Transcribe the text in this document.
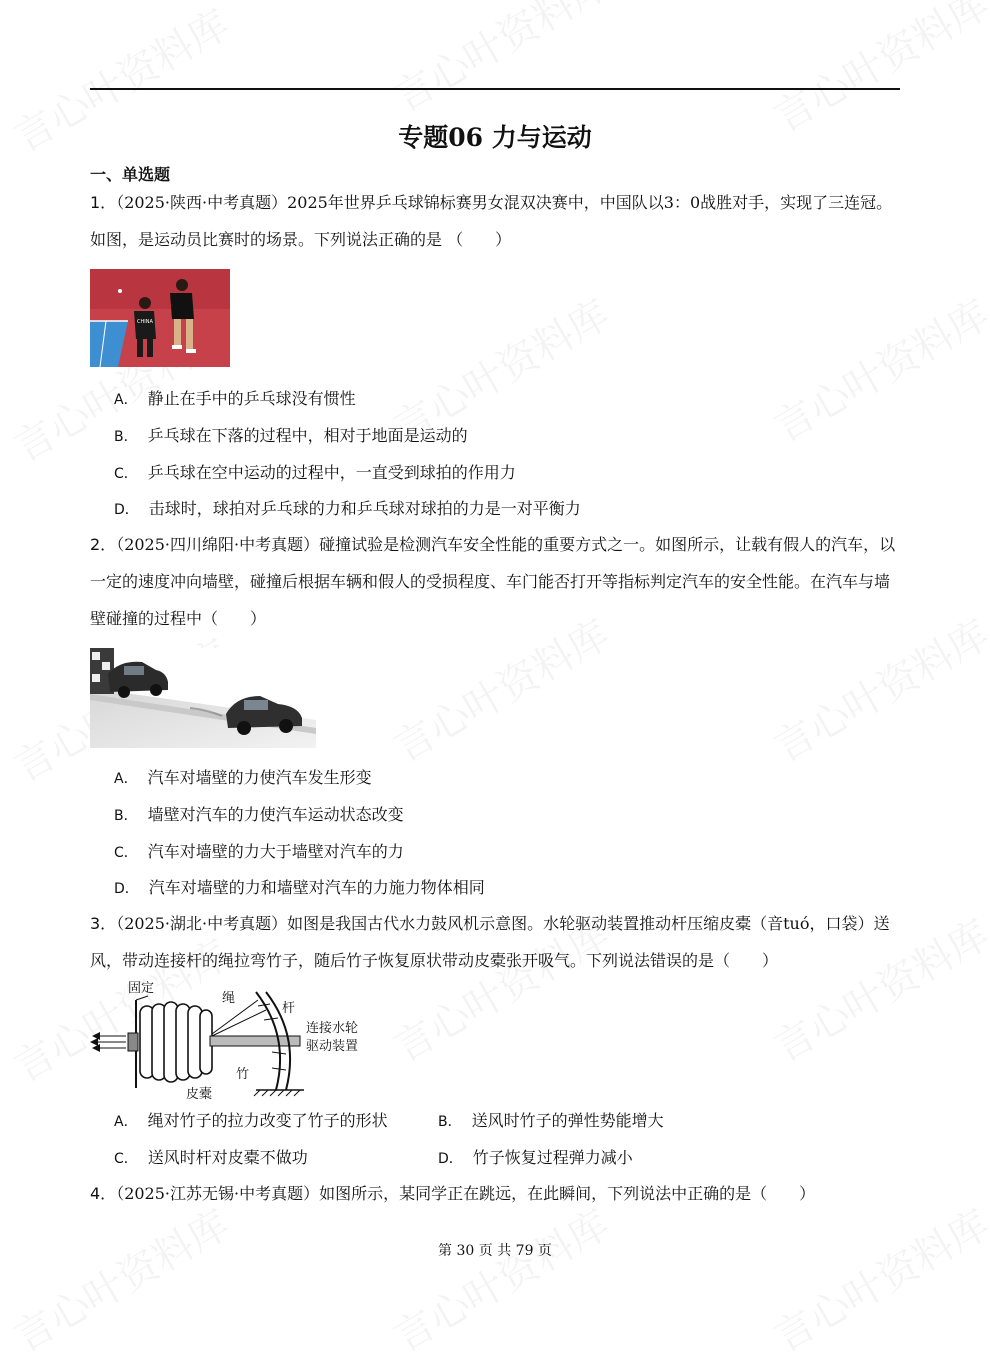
专题06 力与运动
一、单选题
1．（2025·陕西·中考真题）2025年世界乒乓球锦标赛男女混双决赛中，中国队以3：0战胜对手，实现了三连冠。如图，是运动员比赛时的场景。下列说法正确的是 （　　）
CHINA
A． 静止在手中的乒乓球没有惯性
B． 乒乓球在下落的过程中，相对于地面是运动的
C． 乒乓球在空中运动的过程中，一直受到球拍的作用力
D． 击球时，球拍对乒乓球的力和乒乓球对球拍的力是一对平衡力
2．（2025·四川绵阳·中考真题）碰撞试验是检测汽车安全性能的重要方式之一。如图所示，让载有假人的汽车，以一定的速度冲向墙壁，碰撞后根据车辆和假人的受损程度、车门能否打开等指标判定汽车的安全性能。在汽车与墙壁碰撞的过程中（　　）
A． 汽车对墙壁的力使汽车发生形变
B． 墙壁对汽车的力使汽车运动状态改变
C． 汽车对墙壁的力大于墙壁对汽车的力
D． 汽车对墙壁的力和墙壁对汽车的力施力物体相同
3．（2025·湖北·中考真题）如图是我国古代水力鼓风机示意图。水轮驱动装置推动杆压缩皮橐（音tuó，口袋）送风，带动连接杆的绳拉弯竹子，随后竹子恢复原状带动皮橐张开吸气。下列说法错误的是（　　）
固定
绳
杆
连接水轮
驱动装置
竹
皮橐
A． 绳对竹子的拉力改变了竹子的形状	B． 送风时竹子的弹性势能增大
C． 送风时杆对皮橐不做功	D． 竹子恢复过程弹力减小
4．（2025·江苏无锡·中考真题）如图所示，某同学正在跳远，在此瞬间，下列说法中正确的是（　　）
第 30 页 共 79 页
